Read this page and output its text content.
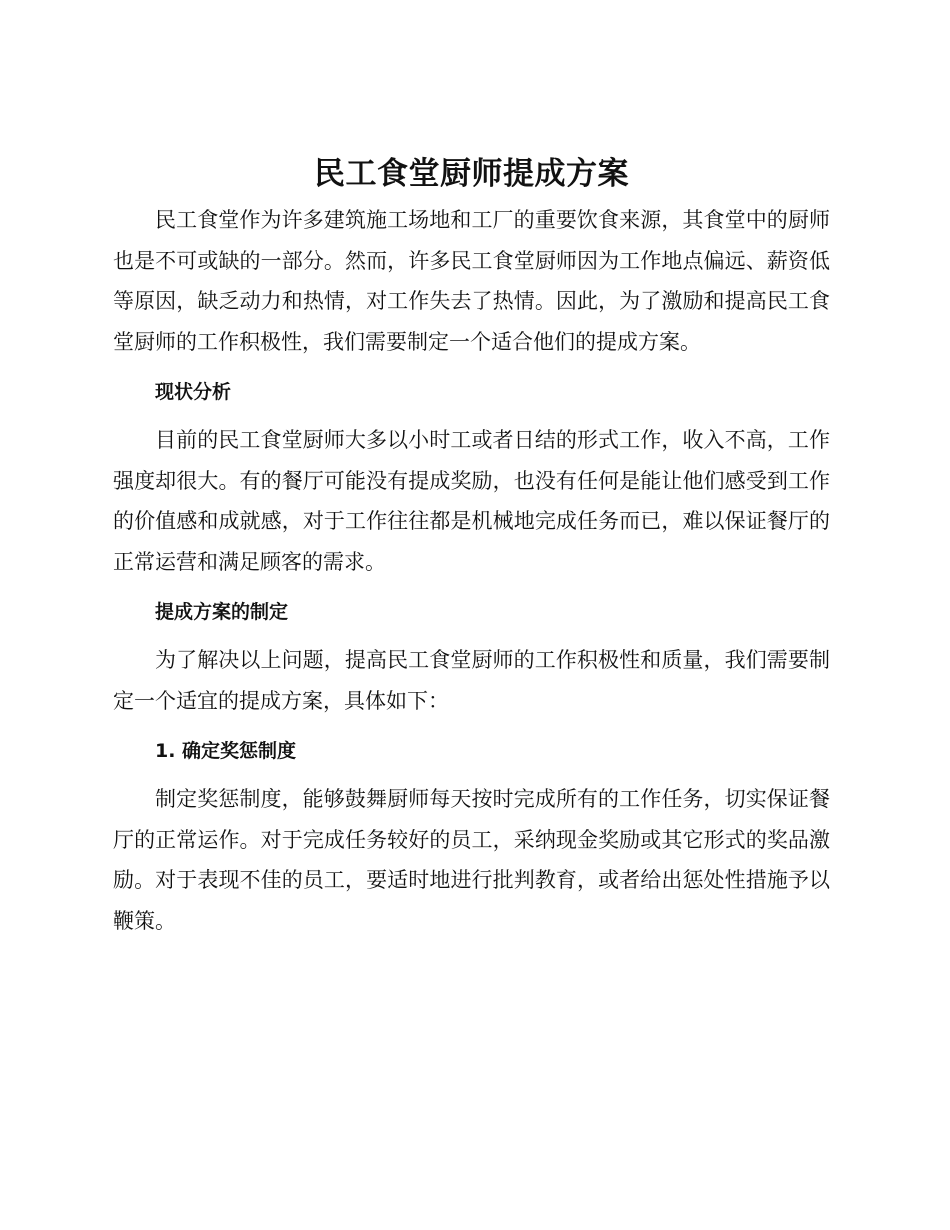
民工食堂厨师提成方案

民工食堂作为许多建筑施工场地和工厂的重要饮食来源，其食堂中的厨师也是不可或缺的一部分。然而，许多民工食堂厨师因为工作地点偏远、薪资低等原因，缺乏动力和热情，对工作失去了热情。因此，为了激励和提高民工食堂厨师的工作积极性，我们需要制定一个适合他们的提成方案。

现状分析

目前的民工食堂厨师大多以小时工或者日结的形式工作，收入不高，工作强度却很大。有的餐厅可能没有提成奖励，也没有任何是能让他们感受到工作的价值感和成就感，对于工作往往都是机械地完成任务而已，难以保证餐厅的正常运营和满足顾客的需求。

提成方案的制定

为了解决以上问题，提高民工食堂厨师的工作积极性和质量，我们需要制定一个适宜的提成方案，具体如下：

1. 确定奖惩制度

制定奖惩制度，能够鼓舞厨师每天按时完成所有的工作任务，切实保证餐厅的正常运作。对于完成任务较好的员工，采纳现金奖励或其它形式的奖品激励。对于表现不佳的员工，要适时地进行批判教育，或者给出惩处性措施予以鞭策。
